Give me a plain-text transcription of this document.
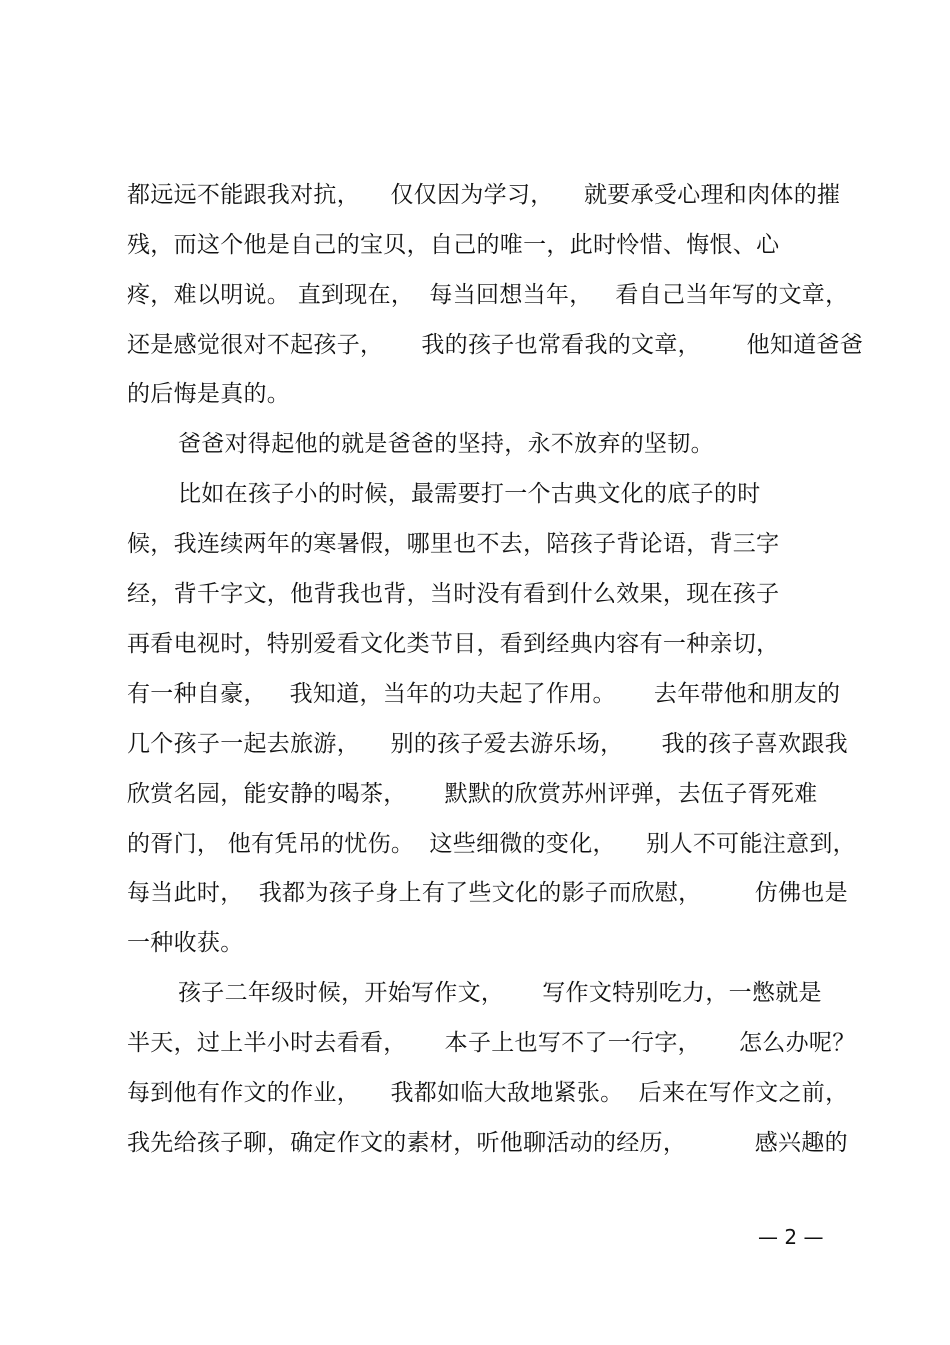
都远远不能跟我对抗，    仅仅因为学习，    就要承受心理和肉体的摧
残，而这个他是自己的宝贝，自己的唯一，此时怜惜、悔恨、心
疼，难以明说。 直到现在，  每当回想当年，   看自己当年写的文章，
还是感觉很对不起孩子，     我的孩子也常看我的文章，      他知道爸爸
的后悔是真的。
爸爸对得起他的就是爸爸的坚持，永不放弃的坚韧。
比如在孩子小的时候，最需要打一个古典文化的底子的时
候，我连续两年的寒暑假，哪里也不去，陪孩子背论语，背三字
经，背千字文，他背我也背，当时没有看到什么效果，现在孩子
再看电视时，特别爱看文化类节目，看到经典内容有一种亲切，
有一种自豪，   我知道，当年的功夫起了作用。     去年带他和朋友的
几个孩子一起去旅游，    别的孩子爱去游乐场，     我的孩子喜欢跟我
欣赏名园，能安静的喝茶，     默默的欣赏苏州评弹，去伍子胥死难
的胥门， 他有凭吊的忧伤。  这些细微的变化，    别人不可能注意到，
每当此时，  我都为孩子身上有了些文化的影子而欣慰，       仿佛也是
一种收获。
孩子二年级时候，开始写作文，     写作文特别吃力，一憋就是
半天，过上半小时去看看，     本子上也写不了一行字，     怎么办呢？
每到他有作文的作业，    我都如临大敌地紧张。  后来在写作文之前，
我先给孩子聊，确定作文的素材，听他聊活动的经历，         感兴趣的
— 2 —
